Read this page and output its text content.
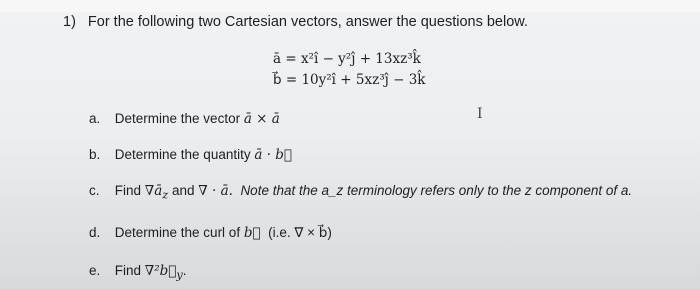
1) For the following two Cartesian vectors, answer the questions below.
ā = x²î − y²ĵ + 13xz³k̂
b⃗ = 10y²î + 5xz³ĵ − 3k̂
I
a. Determine the vector ā × ā
b. Determine the quantity ā · b⃗
c. Find $\nabla ā_z$ and ∇ · ā. Note that the a_z terminology refers only to the z component of a.
d. Determine the curl of b⃗ (i.e. ∇ × b⃗)
e. Find $\nabla^2b⃗_y$.
